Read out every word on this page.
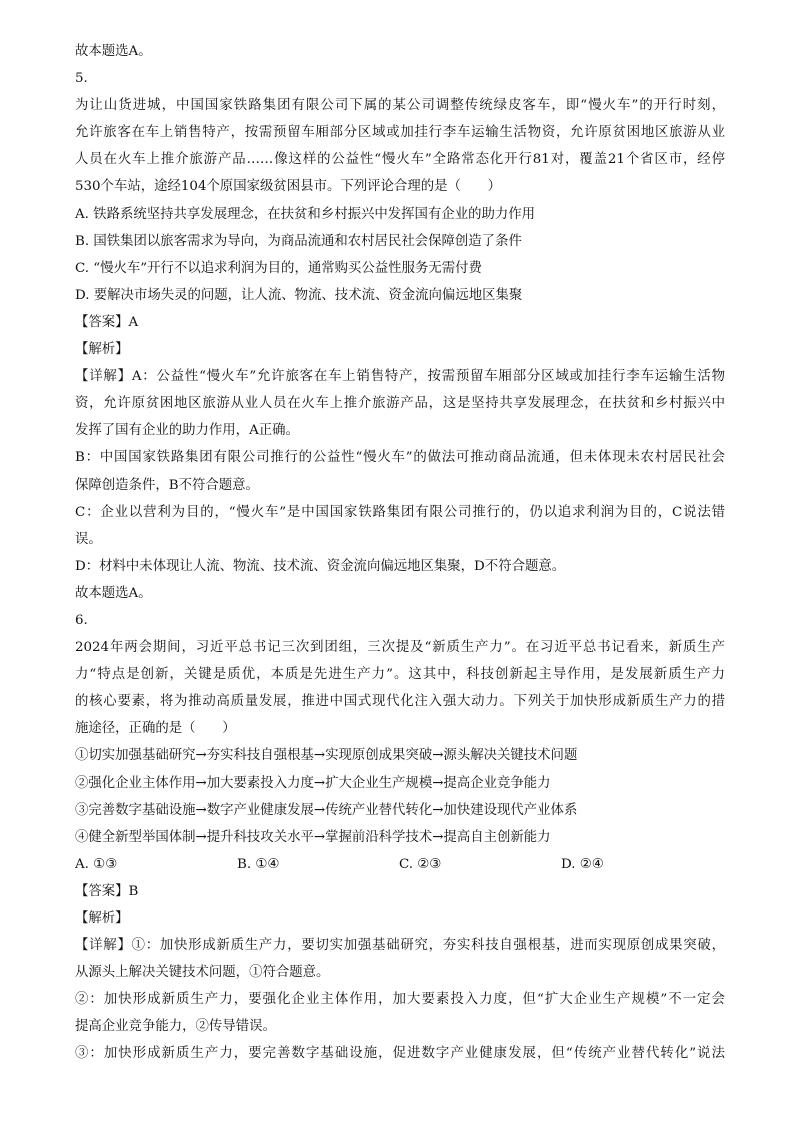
故本题选A。
5.
为让山货进城，中国国家铁路集团有限公司下属的某公司调整传统绿皮客车，即“慢火车”的开行时刻，
允许旅客在车上销售特产，按需预留车厢部分区域或加挂行李车运输生活物资，允许原贫困地区旅游从业
人员在火车上推介旅游产品……像这样的公益性“慢火车”全路常态化开行81对，覆盖21个省区市，经停
530个车站，途经104个原国家级贫困县市。下列评论合理的是（　　）
A. 铁路系统坚持共享发展理念，在扶贫和乡村振兴中发挥国有企业的助力作用
B. 国铁集团以旅客需求为导向，为商品流通和农村居民社会保障创造了条件
C. “慢火车”开行不以追求利润为目的，通常购买公益性服务无需付费
D. 要解决市场失灵的问题，让人流、物流、技术流、资金流向偏远地区集聚
【答案】A
【解析】
【详解】A：公益性“慢火车”允许旅客在车上销售特产，按需预留车厢部分区域或加挂行李车运输生活物
资，允许原贫困地区旅游从业人员在火车上推介旅游产品，这是坚持共享发展理念，在扶贫和乡村振兴中
发挥了国有企业的助力作用，A正确。
B：中国国家铁路集团有限公司推行的公益性“慢火车”的做法可推动商品流通，但未体现未农村居民社会
保障创造条件，B不符合题意。
C：企业以营利为目的，“慢火车”是中国国家铁路集团有限公司推行的，仍以追求利润为目的，C说法错
误。
D：材料中未体现让人流、物流、技术流、资金流向偏远地区集聚，D不符合题意。
故本题选A。
6.
2024年两会期间，习近平总书记三次到团组，三次提及“新质生产力”。在习近平总书记看来，新质生产
力“特点是创新，关键是质优，本质是先进生产力”。这其中，科技创新起主导作用，是发展新质生产力
的核心要素，将为推动高质量发展，推进中国式现代化注入强大动力。下列关于加快形成新质生产力的措
施途径，正确的是（　　）
①切实加强基础研究→夯实科技自强根基→实现原创成果突破→源头解决关键技术问题
②强化企业主体作用→加大要素投入力度→扩大企业生产规模→提高企业竞争能力
③完善数字基础设施→数字产业健康发展→传统产业替代转化→加快建设现代产业体系
④健全新型举国体制→提升科技攻关水平→掌握前沿科学技术→提高自主创新能力
A. ①③	B. ①④	C. ②③	D. ②④
【答案】B
【解析】
【详解】①：加快形成新质生产力，要切实加强基础研究，夯实科技自强根基，进而实现原创成果突破，
从源头上解决关键技术问题，①符合题意。
②：加快形成新质生产力，要强化企业主体作用，加大要素投入力度，但“扩大企业生产规模”不一定会
提高企业竞争能力，②传导错误。
③：加快形成新质生产力，要完善数字基础设施，促进数字产业健康发展，但“传统产业替代转化”说法
